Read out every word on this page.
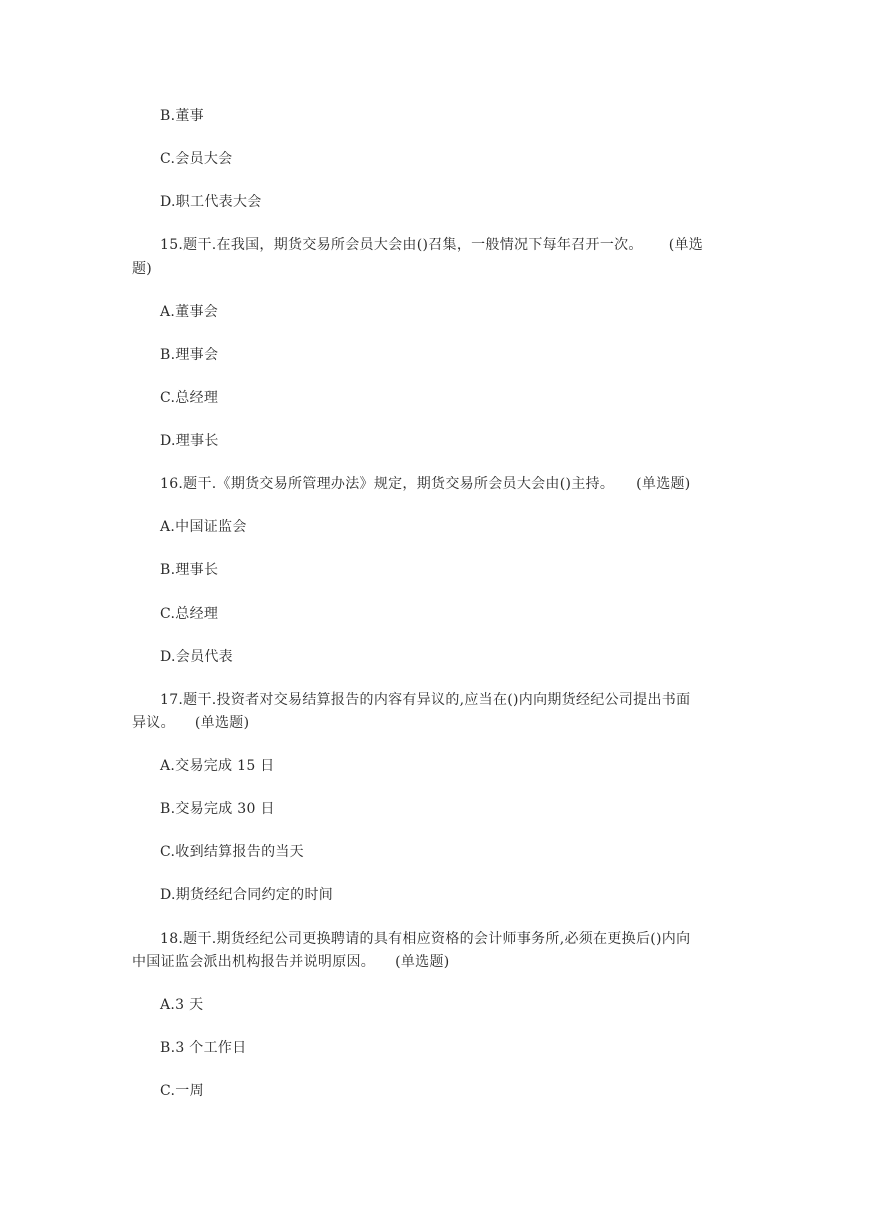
B.董事
C.会员大会
D.职工代表大会
15.题干.在我国，期货交易所会员大会由()召集，一般情况下每年召开一次。 (单选
题)
A.董事会
B.理事会
C.总经理
D.理事长
16.题干.《期货交易所管理办法》规定，期货交易所会员大会由()主持。 (单选题)
A.中国证监会
B.理事长
C.总经理
D.会员代表
17.题干.投资者对交易结算报告的内容有异议的,应当在()内向期货经纪公司提出书面
异议。 (单选题)
A.交易完成 15 日
B.交易完成 30 日
C.收到结算报告的当天
D.期货经纪合同约定的时间
18.题干.期货经纪公司更换聘请的具有相应资格的会计师事务所,必须在更换后()内向
中国证监会派出机构报告并说明原因。 (单选题)
A.3 天
B.3 个工作日
C.一周
